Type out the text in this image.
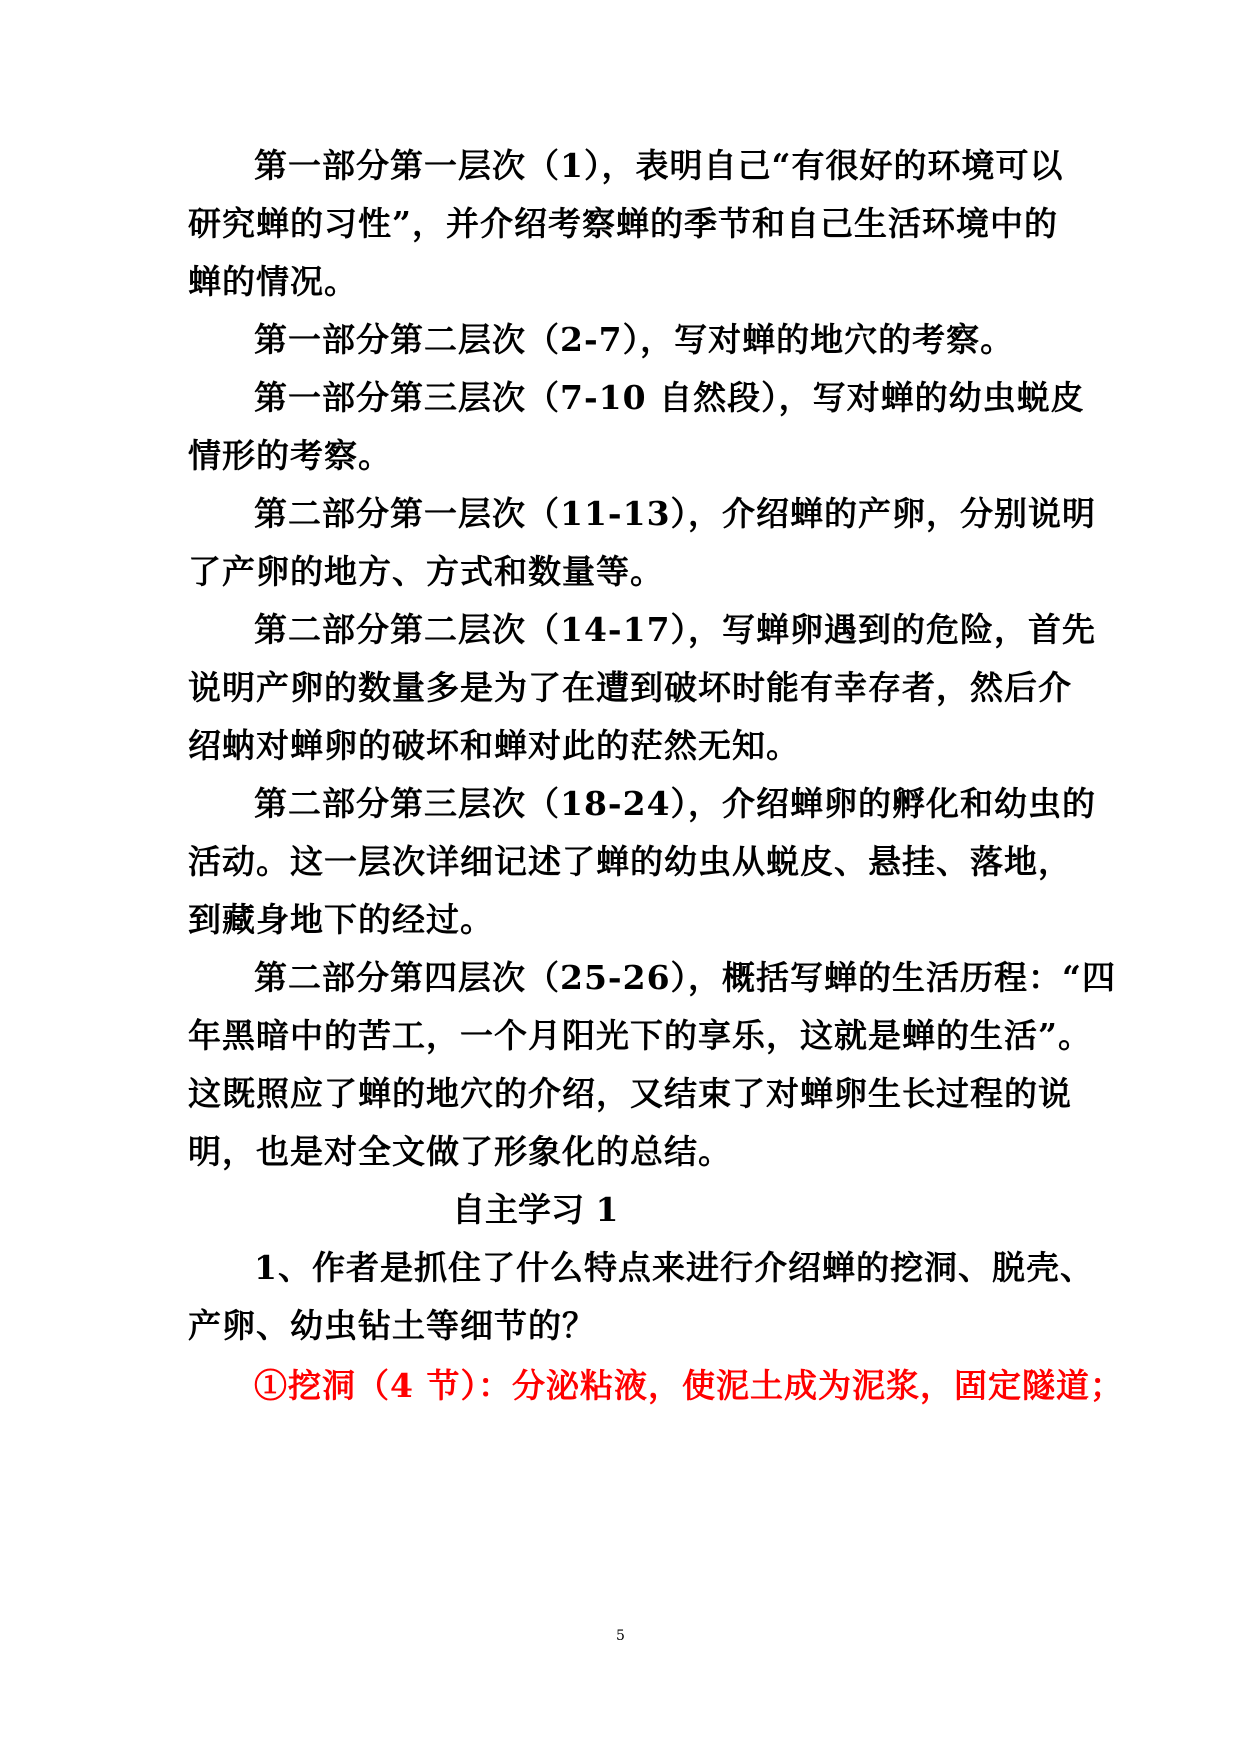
第一部分第一层次（1），表明自己“有很好的环境可以
研究蝉的习性”，并介绍考察蝉的季节和自己生活环境中的
蝉的情况。
第一部分第二层次（2-7），写对蝉的地穴的考察。
第一部分第三层次（7-10 自然段），写对蝉的幼虫蜕皮
情形的考察。
第二部分第一层次（11-13），介绍蝉的产卵，分别说明
了产卵的地方、方式和数量等。
第二部分第二层次（14-17），写蝉卵遇到的危险，首先
说明产卵的数量多是为了在遭到破坏时能有幸存者，然后介
绍蚋对蝉卵的破坏和蝉对此的茫然无知。
第二部分第三层次（18-24），介绍蝉卵的孵化和幼虫的
活动。这一层次详细记述了蝉的幼虫从蜕皮、悬挂、落地，
到藏身地下的经过。
第二部分第四层次（25-26），概括写蝉的生活历程：“四
年黑暗中的苦工，一个月阳光下的享乐，这就是蝉的生活”。
这既照应了蝉的地穴的介绍，又结束了对蝉卵生长过程的说
明，也是对全文做了形象化的总结。
自主学习 1
1、作者是抓住了什么特点来进行介绍蝉的挖洞、脱壳、
产卵、幼虫钻土等细节的？
①挖洞（4 节）：分泌粘液，使泥土成为泥浆，固定隧道；
5
